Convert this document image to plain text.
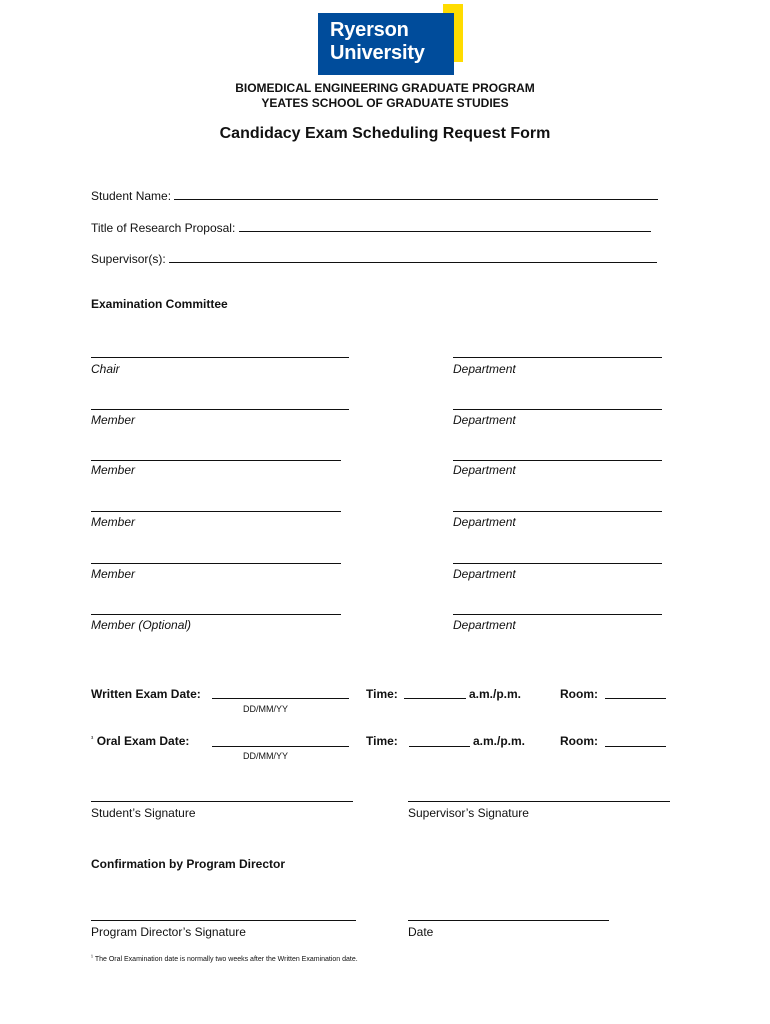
Ryerson
University
BIOMEDICAL ENGINEERING GRADUATE PROGRAM
YEATES SCHOOL OF GRADUATE STUDIES
Candidacy Exam Scheduling Request Form
Student Name:
Title of Research Proposal:
Supervisor(s):
Examination Committee
Chair	Department
Member	Department
Member	Department
Member	Department
Member	Department
Member (Optional)	Department
Written Exam Date:
DD/MM/YY
Time:	a.m./p.m.	Room:
$^{^1}$ Oral Exam Date:
DD/MM/YY
Time:	a.m./p.m.	Room:
Student’s Signature	Supervisor’s Signature
Confirmation by Program Director
Program Director’s Signature	Date
¹ The Oral Examination date is normally two weeks after the Written Examination date.
